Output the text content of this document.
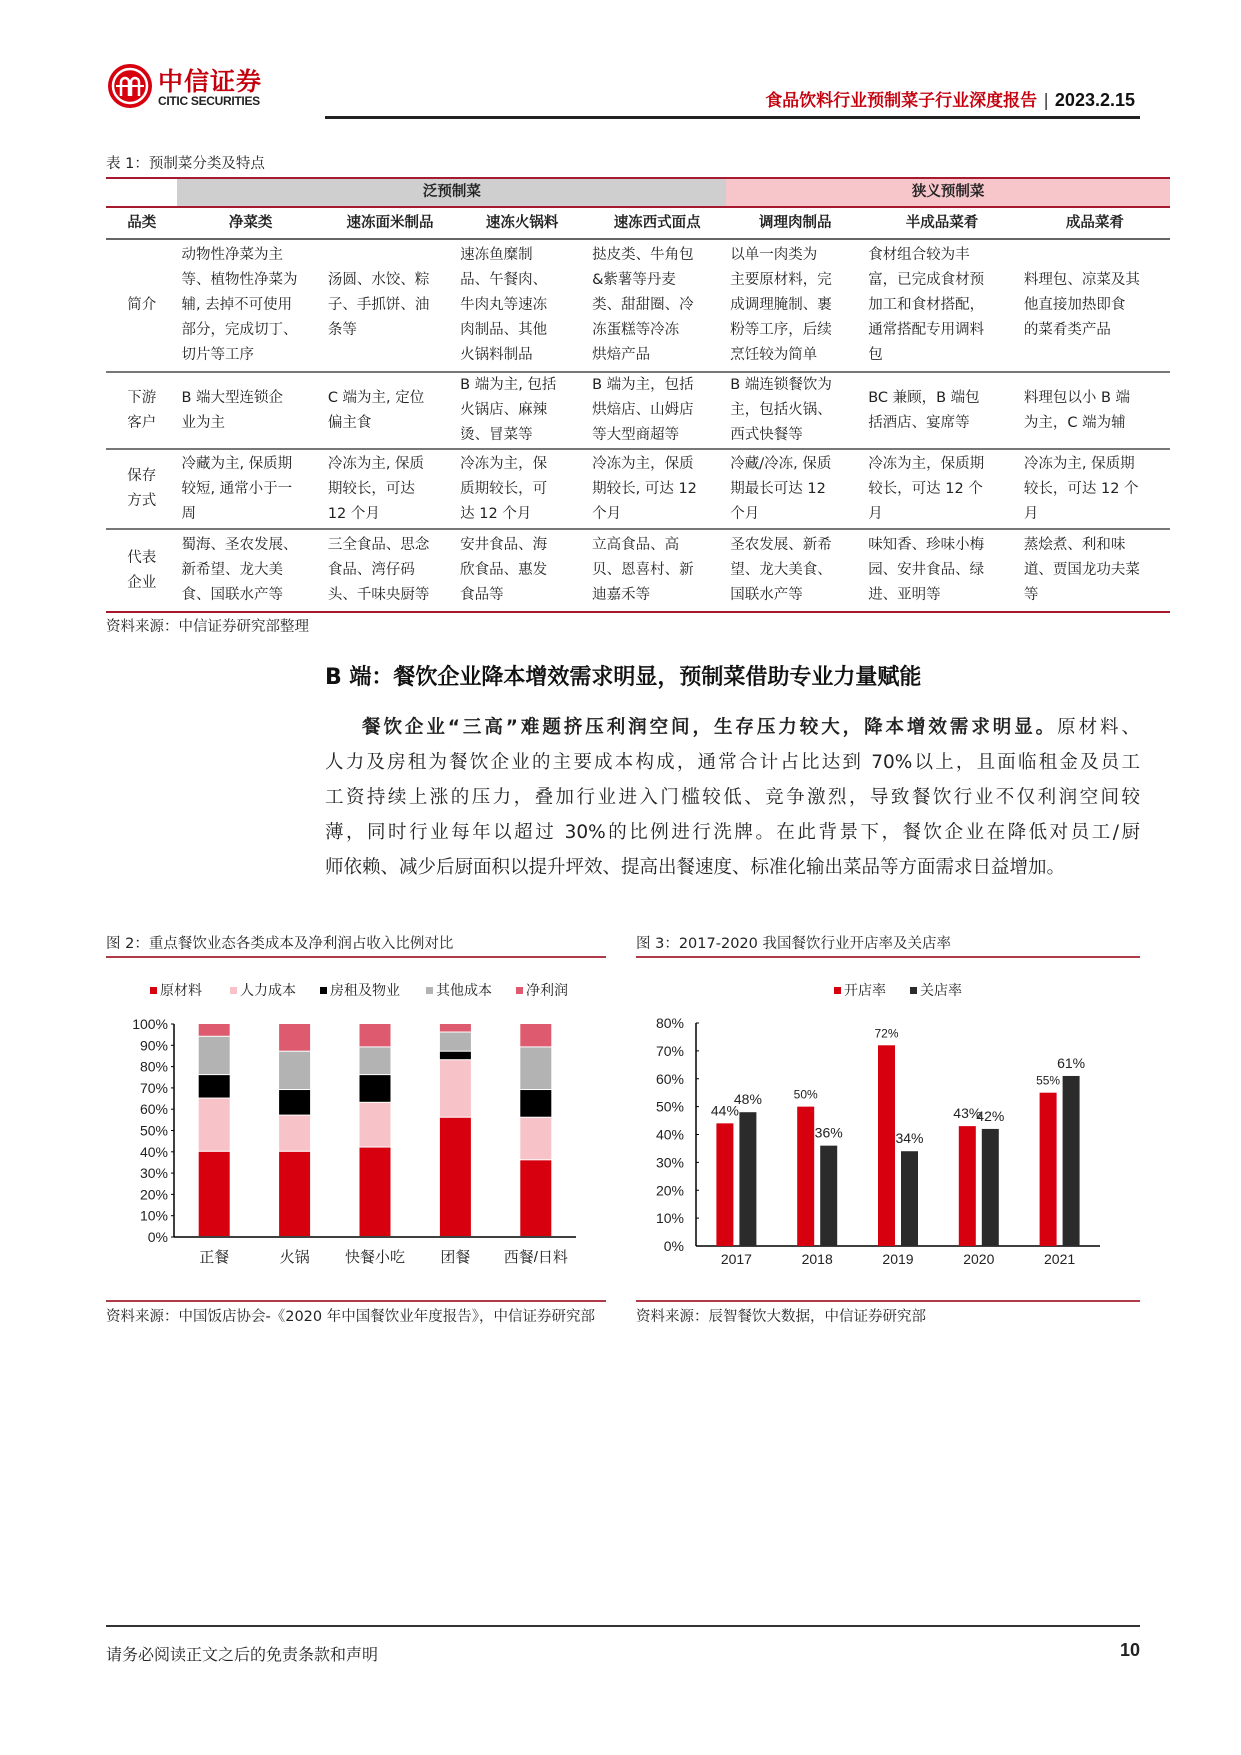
中信证券
CITIC SECURITIES	食品饮料行业预制菜子行业深度报告 | 2023.2.15
表 1：预制菜分类及特点
	泛预制菜				狭义预制菜		
品类	净菜类	速冻面米制品	速冻火锅料	速冻西式面点	调理肉制品	半成品菜肴	成品菜肴

简介	动物性净菜为主
等、植物性净菜为
辅, 去掉不可使用
部分，完成切丁、
切片等工序	汤圆、水饺、粽
子、手抓饼、油
条等	速冻鱼糜制
品、午餐肉、
牛肉丸等速冻
肉制品、其他
火锅料制品	挞皮类、牛角包
&紫薯等丹麦
类、甜甜圈、冷
冻蛋糕等冷冻
烘焙产品	以单一肉类为
主要原材料，完
成调理腌制、裹
粉等工序，后续
烹饪较为简单	食材组合较为丰
富，已完成食材预
加工和食材搭配，
通常搭配专用调料
包	料理包、凉菜及其
他直接加热即食
的菜肴类产品

下游
客户	B 端大型连锁企
业为主	C 端为主, 定位
偏主食	B 端为主, 包括
火锅店、麻辣
烫、冒菜等	B 端为主，包括
烘焙店、山姆店
等大型商超等	B 端连锁餐饮为
主，包括火锅、
西式快餐等	BC 兼顾，B 端包
括酒店、宴席等	料理包以小 B 端
为主，C 端为辅

保存
方式	冷藏为主, 保质期
较短, 通常小于一
周	冷冻为主, 保质
期较长，可达
12 个月	冷冻为主，保
质期较长，可
达 12 个月	冷冻为主，保质
期较长, 可达 12
个月	冷藏/冷冻, 保质
期最长可达 12
个月	冷冻为主，保质期
较长，可达 12 个
月	冷冻为主, 保质期
较长，可达 12 个
月

代表
企业	蜀海、圣农发展、
新希望、龙大美
食、国联水产等	三全食品、思念
食品、湾仔码
头、千味央厨等	安井食品、海
欣食品、惠发
食品等	立高食品、高
贝、恩喜村、新
迪嘉禾等	圣农发展、新希
望、龙大美食、
国联水产等	味知香、珍味小梅
园、安井食品、绿
进、亚明等	蒸烩煮、利和味
道、贾国龙功夫菜
等
资料来源：中信证券研究部整理
B 端：餐饮企业降本增效需求明显，预制菜借助专业力量赋能
餐饮企业“三高”难题挤压利润空间，生存压力较大，降本增效需求明显。原材料、
人力及房租为餐饮企业的主要成本构成，通常合计占比达到 70%以上，且面临租金及员工
工资持续上涨的压力，叠加行业进入门槛较低、竞争激烈，导致餐饮行业不仅利润空间较
薄，同时行业每年以超过 30%的比例进行洗牌。在此背景下，餐饮企业在降低对员工/厨
师依赖、减少后厨面积以提升坪效、提高出餐速度、标准化输出菜品等方面需求日益增加。
图 2：重点餐饮业态各类成本及净利润占收入比例对比
原材料	人力成本 房租及物业	其他成本 净利润
0%
10%
20%
30%
40%
50%
60%
70%
80%
90%
100%
正餐	火锅 快餐小吃 团餐 西餐/日料
资料来源：中国饭店协会-《2020 年中国餐饮业年度报告》，中信证券研究部
图 3：2017-2020 我国餐饮行业开店率及关店率
开店率 关店率
0%
10%
20%
30%
40%
50%
60%
70%
80%
44%
48%
2017
50%
36%
2018
72%
34%
2019
43%
42%
2020
55%
61%
2021
资料来源：辰智餐饮大数据，中信证券研究部
请务必阅读正文之后的免责条款和声明	10
